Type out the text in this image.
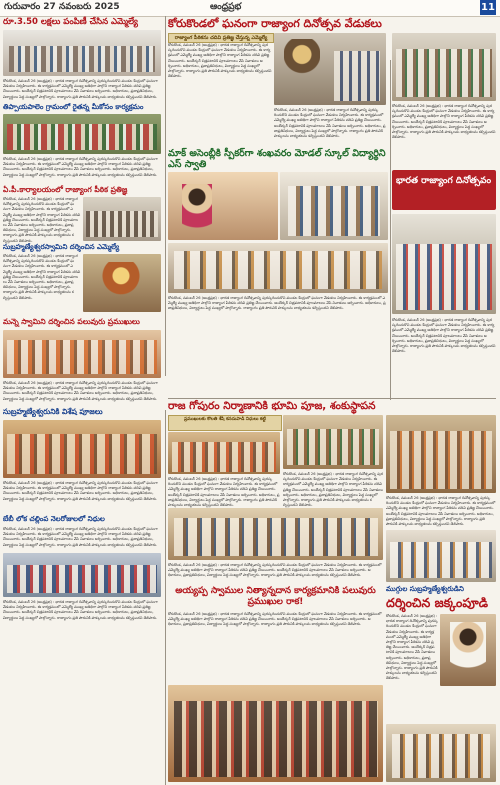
గురువారం 27 నవంబరు 2025	ఆంధ్రప్రభ	11
రూ.3.50 లక్షలు పంపిణీ చేసిన ఎమ్మెల్యే
కోరుకొండ, నవంబర్ 26 (ఆంధ్రప్రభ) : భారత రాజ్యాంగ దినోత్సవాన్ని పురస్కరించుకొని మండల కేంద్రంలో ఘనంగా వేడుకలు నిర్వహించారు. ఈ కార్యక్రమంలో ఎమ్మెల్యే ముఖ్య అతిథిగా పాల్గొని రాజ్యాంగ పీఠికను చదివి ప్రతిజ్ఞ చేయించారు. అంబేద్కర్ చిత్రపటానికి పూలమాలలు వేసి నివాళులు అర్పించారు. అధికారులు, ప్రజాప్రతినిధులు, విద్యార్థులు పెద్ద సంఖ్యలో పాల్గొన్నారు. రాజ్యాంగం ప్రతి పౌరునికి హక్కులను బాధ్యతలను కల్పిస్తుందని తెలిపారు.
తిప్పాయపాలెం గ్రామంలో రైతన్న మీకోసం కార్యక్రమం
కోరుకొండ, నవంబర్ 26 (ఆంధ్రప్రభ) : భారత రాజ్యాంగ దినోత్సవాన్ని పురస్కరించుకొని మండల కేంద్రంలో ఘనంగా వేడుకలు నిర్వహించారు. ఈ కార్యక్రమంలో ఎమ్మెల్యే ముఖ్య అతిథిగా పాల్గొని రాజ్యాంగ పీఠికను చదివి ప్రతిజ్ఞ చేయించారు. అంబేద్కర్ చిత్రపటానికి పూలమాలలు వేసి నివాళులు అర్పించారు. అధికారులు, ప్రజాప్రతినిధులు, విద్యార్థులు పెద్ద సంఖ్యలో పాల్గొన్నారు. రాజ్యాంగం ప్రతి పౌరునికి హక్కులను బాధ్యతలను కల్పిస్తుందని తెలిపారు.
ఏ.పీ.కార్యాలయంలో రాజ్యాంగ పీఠిక ప్రతిజ్ఞ
కోరుకొండ, నవంబర్ 26 (ఆంధ్రప్రభ) : భారత రాజ్యాంగ దినోత్సవాన్ని పురస్కరించుకొని మండల కేంద్రంలో ఘనంగా వేడుకలు నిర్వహించారు. ఈ కార్యక్రమంలో ఎమ్మెల్యే ముఖ్య అతిథిగా పాల్గొని రాజ్యాంగ పీఠికను చదివి ప్రతిజ్ఞ చేయించారు. అంబేద్కర్ చిత్రపటానికి పూలమాలలు వేసి నివాళులు అర్పించారు. అధికారులు, ప్రజాప్రతినిధులు, విద్యార్థులు పెద్ద సంఖ్యలో పాల్గొన్నారు. రాజ్యాంగం ప్రతి పౌరునికి హక్కులను బాధ్యతలను కల్పిస్తుందని తెలిపారు.
సుబ్రహ్మణ్యేశ్వరస్వామిని దర్శించిన ఎమ్మెల్యే
కోరుకొండ, నవంబర్ 26 (ఆంధ్రప్రభ) : భారత రాజ్యాంగ దినోత్సవాన్ని పురస్కరించుకొని మండల కేంద్రంలో ఘనంగా వేడుకలు నిర్వహించారు. ఈ కార్యక్రమంలో ఎమ్మెల్యే ముఖ్య అతిథిగా పాల్గొని రాజ్యాంగ పీఠికను చదివి ప్రతిజ్ఞ చేయించారు. అంబేద్కర్ చిత్రపటానికి పూలమాలలు వేసి నివాళులు అర్పించారు. అధికారులు, ప్రజాప్రతినిధులు, విద్యార్థులు పెద్ద సంఖ్యలో పాల్గొన్నారు. రాజ్యాంగం ప్రతి పౌరునికి హక్కులను బాధ్యతలను కల్పిస్తుందని తెలిపారు.
మన్నె స్వామిని దర్శించిన పలువురు ప్రముఖులు
కోరుకొండ, నవంబర్ 26 (ఆంధ్రప్రభ) : భారత రాజ్యాంగ దినోత్సవాన్ని పురస్కరించుకొని మండల కేంద్రంలో ఘనంగా వేడుకలు నిర్వహించారు. ఈ కార్యక్రమంలో ఎమ్మెల్యే ముఖ్య అతిథిగా పాల్గొని రాజ్యాంగ పీఠికను చదివి ప్రతిజ్ఞ చేయించారు. అంబేద్కర్ చిత్రపటానికి పూలమాలలు వేసి నివాళులు అర్పించారు. అధికారులు, ప్రజాప్రతినిధులు, విద్యార్థులు పెద్ద సంఖ్యలో పాల్గొన్నారు. రాజ్యాంగం ప్రతి పౌరునికి హక్కులను బాధ్యతలను కల్పిస్తుందని తెలిపారు.
సుబ్రహ్మణ్యేశ్వరునికి విశేష పూజలు
కోరుకొండ, నవంబర్ 26 (ఆంధ్రప్రభ) : భారత రాజ్యాంగ దినోత్సవాన్ని పురస్కరించుకొని మండల కేంద్రంలో ఘనంగా వేడుకలు నిర్వహించారు. ఈ కార్యక్రమంలో ఎమ్మెల్యే ముఖ్య అతిథిగా పాల్గొని రాజ్యాంగ పీఠికను చదివి ప్రతిజ్ఞ చేయించారు. అంబేద్కర్ చిత్రపటానికి పూలమాలలు వేసి నివాళులు అర్పించారు. అధికారులు, ప్రజాప్రతినిధులు, విద్యార్థులు పెద్ద సంఖ్యలో పాల్గొన్నారు. రాజ్యాంగం ప్రతి పౌరునికి హక్కులను బాధ్యతలను కల్పిస్తుందని తెలిపారు.
బేబీ లోక చల్లింప నెలరోజులలో నిధుల
కోరుకొండ, నవంబర్ 26 (ఆంధ్రప్రభ) : భారత రాజ్యాంగ దినోత్సవాన్ని పురస్కరించుకొని మండల కేంద్రంలో ఘనంగా వేడుకలు నిర్వహించారు. ఈ కార్యక్రమంలో ఎమ్మెల్యే ముఖ్య అతిథిగా పాల్గొని రాజ్యాంగ పీఠికను చదివి ప్రతిజ్ఞ చేయించారు. అంబేద్కర్ చిత్రపటానికి పూలమాలలు వేసి నివాళులు అర్పించారు. అధికారులు, ప్రజాప్రతినిధులు, విద్యార్థులు పెద్ద సంఖ్యలో పాల్గొన్నారు. రాజ్యాంగం ప్రతి పౌరునికి హక్కులను బాధ్యతలను కల్పిస్తుందని తెలిపారు.
కోరుకొండ, నవంబర్ 26 (ఆంధ్రప్రభ) : భారత రాజ్యాంగ దినోత్సవాన్ని పురస్కరించుకొని మండల కేంద్రంలో ఘనంగా వేడుకలు నిర్వహించారు. ఈ కార్యక్రమంలో ఎమ్మెల్యే ముఖ్య అతిథిగా పాల్గొని రాజ్యాంగ పీఠికను చదివి ప్రతిజ్ఞ చేయించారు. అంబేద్కర్ చిత్రపటానికి పూలమాలలు వేసి నివాళులు అర్పించారు. అధికారులు, ప్రజాప్రతినిధులు, విద్యార్థులు పెద్ద సంఖ్యలో పాల్గొన్నారు. రాజ్యాంగం ప్రతి పౌరునికి హక్కులను బాధ్యతలను కల్పిస్తుందని తెలిపారు.
కోరుకొండలో ఘనంగా రాజ్యాంగ దినోత్సవ వేడుకలు
రాజ్యాంగ పీఠికను చదివి ప్రతిజ్ఞ చేస్తున్న ఎమ్మెల్యే
కోరుకొండ, నవంబర్ 26 (ఆంధ్రప్రభ) : భారత రాజ్యాంగ దినోత్సవాన్ని పురస్కరించుకొని మండల కేంద్రంలో ఘనంగా వేడుకలు నిర్వహించారు. ఈ కార్యక్రమంలో ఎమ్మెల్యే ముఖ్య అతిథిగా పాల్గొని రాజ్యాంగ పీఠికను చదివి ప్రతిజ్ఞ చేయించారు. అంబేద్కర్ చిత్రపటానికి పూలమాలలు వేసి నివాళులు అర్పించారు. అధికారులు, ప్రజాప్రతినిధులు, విద్యార్థులు పెద్ద సంఖ్యలో పాల్గొన్నారు. రాజ్యాంగం ప్రతి పౌరునికి హక్కులను బాధ్యతలను కల్పిస్తుందని తెలిపారు.
కోరుకొండ, నవంబర్ 26 (ఆంధ్రప్రభ) : భారత రాజ్యాంగ దినోత్సవాన్ని పురస్కరించుకొని మండల కేంద్రంలో ఘనంగా వేడుకలు నిర్వహించారు. ఈ కార్యక్రమంలో ఎమ్మెల్యే ముఖ్య అతిథిగా పాల్గొని రాజ్యాంగ పీఠికను చదివి ప్రతిజ్ఞ చేయించారు. అంబేద్కర్ చిత్రపటానికి పూలమాలలు వేసి నివాళులు అర్పించారు. అధికారులు, ప్రజాప్రతినిధులు, విద్యార్థులు పెద్ద సంఖ్యలో పాల్గొన్నారు. రాజ్యాంగం ప్రతి పౌరునికి హక్కులను బాధ్యతలను కల్పిస్తుందని తెలిపారు.
కోరుకొండ, నవంబర్ 26 (ఆంధ్రప్రభ) : భారత రాజ్యాంగ దినోత్సవాన్ని పురస్కరించుకొని మండల కేంద్రంలో ఘనంగా వేడుకలు నిర్వహించారు. ఈ కార్యక్రమంలో ఎమ్మెల్యే ముఖ్య అతిథిగా పాల్గొని రాజ్యాంగ పీఠికను చదివి ప్రతిజ్ఞ చేయించారు. అంబేద్కర్ చిత్రపటానికి పూలమాలలు వేసి నివాళులు అర్పించారు. అధికారులు, ప్రజాప్రతినిధులు, విద్యార్థులు పెద్ద సంఖ్యలో పాల్గొన్నారు. రాజ్యాంగం ప్రతి పౌరునికి హక్కులను బాధ్యతలను కల్పిస్తుందని తెలిపారు.
మాక్ అసెంబ్లీకి స్పీకర్‌గా శంఖవరం మోడల్ స్కూల్ విద్యార్థిని ఎస్ స్వాతి
కోరుకొండ, నవంబర్ 26 (ఆంధ్రప్రభ) : భారత రాజ్యాంగ దినోత్సవాన్ని పురస్కరించుకొని మండల కేంద్రంలో ఘనంగా వేడుకలు నిర్వహించారు. ఈ కార్యక్రమంలో ఎమ్మెల్యే ముఖ్య అతిథిగా పాల్గొని రాజ్యాంగ పీఠికను చదివి ప్రతిజ్ఞ చేయించారు. అంబేద్కర్ చిత్రపటానికి పూలమాలలు వేసి నివాళులు అర్పించారు. అధికారులు, ప్రజాప్రతినిధులు, విద్యార్థులు పెద్ద సంఖ్యలో పాల్గొన్నారు. రాజ్యాంగం ప్రతి పౌరునికి హక్కులను బాధ్యతలను కల్పిస్తుందని తెలిపారు.
భారత రాజ్యాంగ దినోత్సవం
కోరుకొండ, నవంబర్ 26 (ఆంధ్రప్రభ) : భారత రాజ్యాంగ దినోత్సవాన్ని పురస్కరించుకొని మండల కేంద్రంలో ఘనంగా వేడుకలు నిర్వహించారు. ఈ కార్యక్రమంలో ఎమ్మెల్యే ముఖ్య అతిథిగా పాల్గొని రాజ్యాంగ పీఠికను చదివి ప్రతిజ్ఞ చేయించారు. అంబేద్కర్ చిత్రపటానికి పూలమాలలు వేసి నివాళులు అర్పించారు. అధికారులు, ప్రజాప్రతినిధులు, విద్యార్థులు పెద్ద సంఖ్యలో పాల్గొన్నారు. రాజ్యాంగం ప్రతి పౌరునికి హక్కులను బాధ్యతలను కల్పిస్తుందని తెలిపారు.
రాజ గోపురం నిర్మాణానికి భూమి పూజ, శంకుస్థాపన
ప్రముఖులకు కొలతి శేషి కనదుపాడి నిధులు కట్టి
కోరుకొండ, నవంబర్ 26 (ఆంధ్రప్రభ) : భారత రాజ్యాంగ దినోత్సవాన్ని పురస్కరించుకొని మండల కేంద్రంలో ఘనంగా వేడుకలు నిర్వహించారు. ఈ కార్యక్రమంలో ఎమ్మెల్యే ముఖ్య అతిథిగా పాల్గొని రాజ్యాంగ పీఠికను చదివి ప్రతిజ్ఞ చేయించారు. అంబేద్కర్ చిత్రపటానికి పూలమాలలు వేసి నివాళులు అర్పించారు. అధికారులు, ప్రజాప్రతినిధులు, విద్యార్థులు పెద్ద సంఖ్యలో పాల్గొన్నారు. రాజ్యాంగం ప్రతి పౌరునికి హక్కులను బాధ్యతలను కల్పిస్తుందని తెలిపారు.
కోరుకొండ, నవంబర్ 26 (ఆంధ్రప్రభ) : భారత రాజ్యాంగ దినోత్సవాన్ని పురస్కరించుకొని మండల కేంద్రంలో ఘనంగా వేడుకలు నిర్వహించారు. ఈ కార్యక్రమంలో ఎమ్మెల్యే ముఖ్య అతిథిగా పాల్గొని రాజ్యాంగ పీఠికను చదివి ప్రతిజ్ఞ చేయించారు. అంబేద్కర్ చిత్రపటానికి పూలమాలలు వేసి నివాళులు అర్పించారు. అధికారులు, ప్రజాప్రతినిధులు, విద్యార్థులు పెద్ద సంఖ్యలో పాల్గొన్నారు. రాజ్యాంగం ప్రతి పౌరునికి హక్కులను బాధ్యతలను కల్పిస్తుందని తెలిపారు.
కోరుకొండ, నవంబర్ 26 (ఆంధ్రప్రభ) : భారత రాజ్యాంగ దినోత్సవాన్ని పురస్కరించుకొని మండల కేంద్రంలో ఘనంగా వేడుకలు నిర్వహించారు. ఈ కార్యక్రమంలో ఎమ్మెల్యే ముఖ్య అతిథిగా పాల్గొని రాజ్యాంగ పీఠికను చదివి ప్రతిజ్ఞ చేయించారు. అంబేద్కర్ చిత్రపటానికి పూలమాలలు వేసి నివాళులు అర్పించారు. అధికారులు, ప్రజాప్రతినిధులు, విద్యార్థులు పెద్ద సంఖ్యలో పాల్గొన్నారు. రాజ్యాంగం ప్రతి పౌరునికి హక్కులను బాధ్యతలను కల్పిస్తుందని తెలిపారు.
కోరుకొండ, నవంబర్ 26 (ఆంధ్రప్రభ) : భారత రాజ్యాంగ దినోత్సవాన్ని పురస్కరించుకొని మండల కేంద్రంలో ఘనంగా వేడుకలు నిర్వహించారు. ఈ కార్యక్రమంలో ఎమ్మెల్యే ముఖ్య అతిథిగా పాల్గొని రాజ్యాంగ పీఠికను చదివి ప్రతిజ్ఞ చేయించారు. అంబేద్కర్ చిత్రపటానికి పూలమాలలు వేసి నివాళులు అర్పించారు. అధికారులు, ప్రజాప్రతినిధులు, విద్యార్థులు పెద్ద సంఖ్యలో పాల్గొన్నారు. రాజ్యాంగం ప్రతి పౌరునికి హక్కులను బాధ్యతలను కల్పిస్తుందని తెలిపారు.
అయ్యప్ప స్వాముల నిత్యాన్నదాన కార్యక్రమానికి పలువురు ప్రముఖుల రాక!
కోరుకొండ, నవంబర్ 26 (ఆంధ్రప్రభ) : భారత రాజ్యాంగ దినోత్సవాన్ని పురస్కరించుకొని మండల కేంద్రంలో ఘనంగా వేడుకలు నిర్వహించారు. ఈ కార్యక్రమంలో ఎమ్మెల్యే ముఖ్య అతిథిగా పాల్గొని రాజ్యాంగ పీఠికను చదివి ప్రతిజ్ఞ చేయించారు. అంబేద్కర్ చిత్రపటానికి పూలమాలలు వేసి నివాళులు అర్పించారు. అధికారులు, ప్రజాప్రతినిధులు, విద్యార్థులు పెద్ద సంఖ్యలో పాల్గొన్నారు. రాజ్యాంగం ప్రతి పౌరునికి హక్కులను బాధ్యతలను కల్పిస్తుందని తెలిపారు.
ముగ్గుల సుబ్రహ్మణ్యేశ్వరుడిని
దర్శించిన జక్కంపూడి
కోరుకొండ, నవంబర్ 26 (ఆంధ్రప్రభ) : భారత రాజ్యాంగ దినోత్సవాన్ని పురస్కరించుకొని మండల కేంద్రంలో ఘనంగా వేడుకలు నిర్వహించారు. ఈ కార్యక్రమంలో ఎమ్మెల్యే ముఖ్య అతిథిగా పాల్గొని రాజ్యాంగ పీఠికను చదివి ప్రతిజ్ఞ చేయించారు. అంబేద్కర్ చిత్రపటానికి పూలమాలలు వేసి నివాళులు అర్పించారు. అధికారులు, ప్రజాప్రతినిధులు, విద్యార్థులు పెద్ద సంఖ్యలో పాల్గొన్నారు. రాజ్యాంగం ప్రతి పౌరునికి హక్కులను బాధ్యతలను కల్పిస్తుందని తెలిపారు.
